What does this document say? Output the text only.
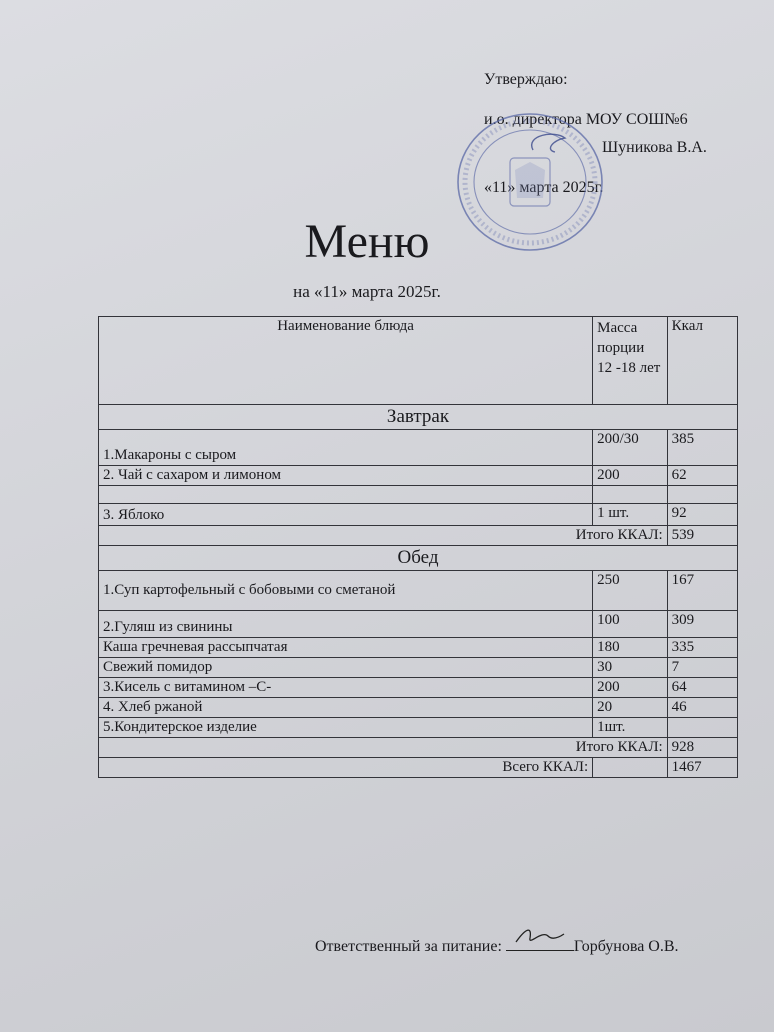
Утверждаю:
и.о. директора МОУ СОШ№6
Шуникова В.А.
«11» марта 2025г.
Меню
на «11» марта 2025г.
Наименование блюда	Масса порции 12 -18 лет	Ккал
Завтрак		
1.Макароны с сыром	200/30	385
2. Чай с сахаром и лимоном	200	62

3. Яблоко	1 шт.	92
Итого ККАЛ:		539
Обед		
1.Суп картофельный с бобовыми со сметаной	250	167
2.Гуляш из свинины	100	309
Каша гречневая рассыпчатая	180	335
Свежий помидор	30	7
3.Кисель с витамином –С-	200	64
4. Хлеб ржаной	20	46
5.Кондитерское изделие	1шт.	
Итого ККАЛ:		928
Всего ККАЛ:		1467
Ответственный за питание:	Горбунова О.В.
